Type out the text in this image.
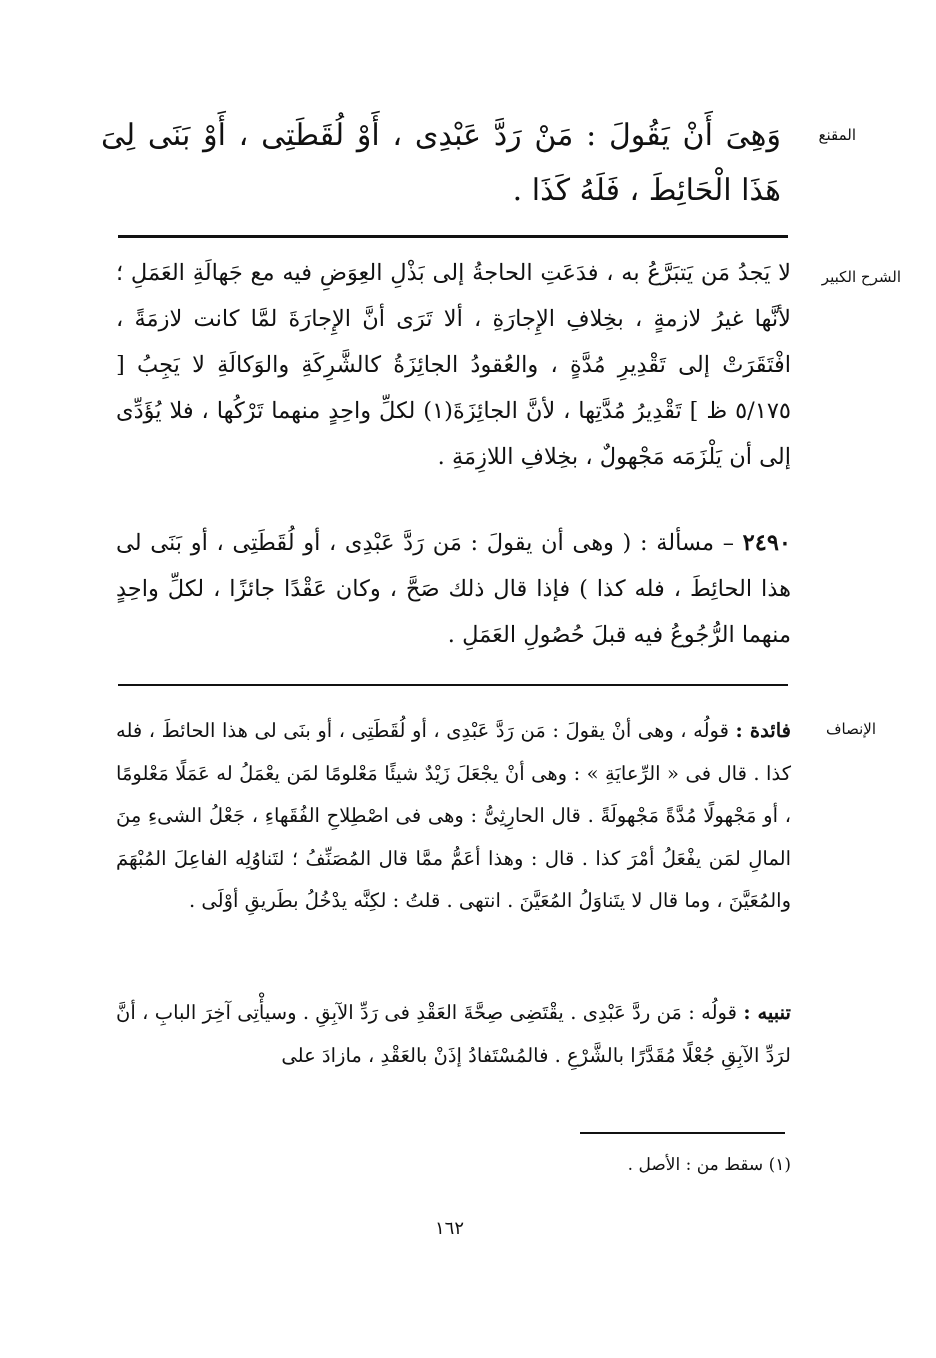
المقنع
وَهِىَ أَنْ يَقُولَ : مَنْ رَدَّ عَبْدِى ، أَوْ لُقَطَتِى ، أَوْ بَنَى لِىَ هَذَا الْحَائِطَ ، فَلَهُ كَذَا .
الشرح الكبير
لا يَجدُ مَن يَتبَرَّعُ به ، فدَعَتِ الحاجةُ إلى بَذْلِ العِوَضِ فيه مع جَهالَةِ العَمَلِ ؛ لأنَّها غيرُ لازمةٍ ، بخِلافِ الإِجارَةِ ، ألا تَرَى أنَّ الإِجارَةَ لمَّا كانت لازمَةً ، افْتَقَرَتْ إلى تَقْدِيرِ مُدَّةٍ ، والعُقودُ الجائِزَةُ كالشَّرِكَةِ والوَكالَةِ لا يَجِبُ [ ٥/١٧٥ ظ ] تَقْدِيرُ مُدَّتِها ، لأنَّ الجائِزَةَ(١) لكلِّ واحِدٍ منهما تَرْكُها ، فلا يُؤَدِّى إلى أن يَلْزَمَه مَجْهولٌ ، بخِلافِ اللازِمَةِ .
٢٤٩٠ – مسألة : ( وهى أن يقولَ : مَن رَدَّ عَبْدِى ، أو لُقَطَتِى ، أو بَنَى لى هذا الحائِطَ ، فله كذا ) فإذا قال ذلك صَحَّ ، وكان عَقْدًا جائزًا ، لكلِّ واحِدٍ منهما الرُّجُوعُ فيه قبلَ حُصُولِ العَمَلِ .
الإنصاف
فائدة : قولُه ، وهى أنْ يقولَ : مَن رَدَّ عَبْدِى ، أو لُقَطَتِى ، أو بنَى لى هذا الحائطَ ، فله كذا . قال فى « الرِّعايَةِ » : وهى أنْ يجْعَلَ زَيْدٌ شيئًا مَعْلومًا لمَن يعْمَلُ له عَمَلًا مَعْلومًا ، أو مَجْهولًا مُدَّةً مَجْهولَةً . قال الحارِثِىُّ : وهى فى اصْطِلاحِ الفُقَهاءِ ، جَعْلُ الشىءِ مِنَ المالِ لمَن يفْعَلُ أمْرَ كذا . قال : وهذا أعَمُّ ممَّا قال المُصَنِّفُ ؛ لتَناوُلِه الفاعِلَ المُبْهَمَ والمُعَيَّنَ ، وما قال لا يتَناوَلُ المُعَيَّنَ . انتهى . قلتُ : لكِنَّه يدْخُلُ بطَريقِ أوْلَى .
تنبيه : قولُه : مَن ردَّ عَبْدِى . يقْتَضِى صِحَّةَ العَقْدِ فى رَدِّ الآبِقِ . وسيأْتِى آخِرَ البابِ ، أنَّ لرَدِّ الآبِقِ جُعْلًا مُقَدَّرًا بالشَّرْعِ . فالمُسْتَفادُ إذَنْ بالعَقْدِ ، مازادَ على
(١) سقط من : الأصل .
١٦٢
